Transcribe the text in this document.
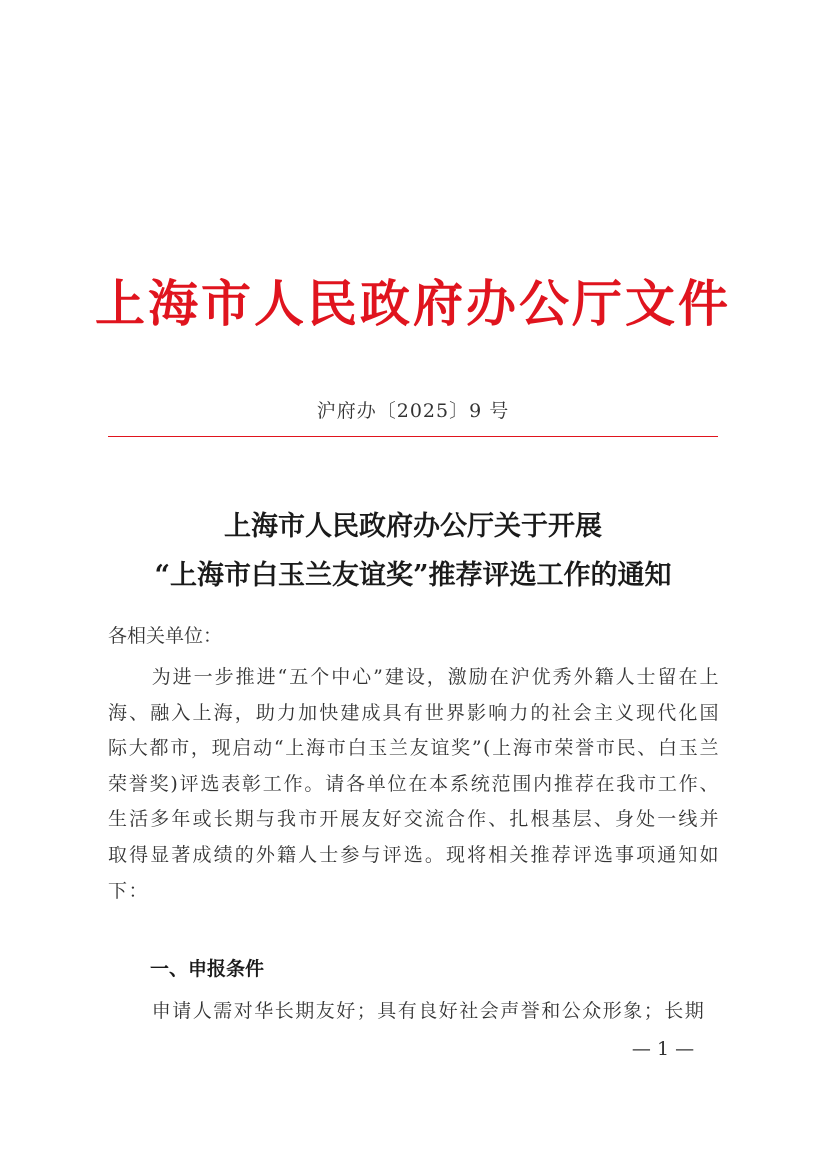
上海市人民政府办公厅文件
沪府办〔2025〕9 号
上海市人民政府办公厅关于开展
“上海市白玉兰友谊奖”推荐评选工作的通知
各相关单位：
为进一步推进“五个中心”建设，激励在沪优秀外籍人士留在上海、融入上海，助力加快建成具有世界影响力的社会主义现代化国际大都市，现启动“上海市白玉兰友谊奖”(上海市荣誉市民、白玉兰荣誉奖)评选表彰工作。请各单位在本系统范围内推荐在我市工作、生活多年或长期与我市开展友好交流合作、扎根基层、身处一线并取得显著成绩的外籍人士参与评选。现将相关推荐评选事项通知如下：
一、申报条件
申请人需对华长期友好；具有良好社会声誉和公众形象；长期
— 1 —
